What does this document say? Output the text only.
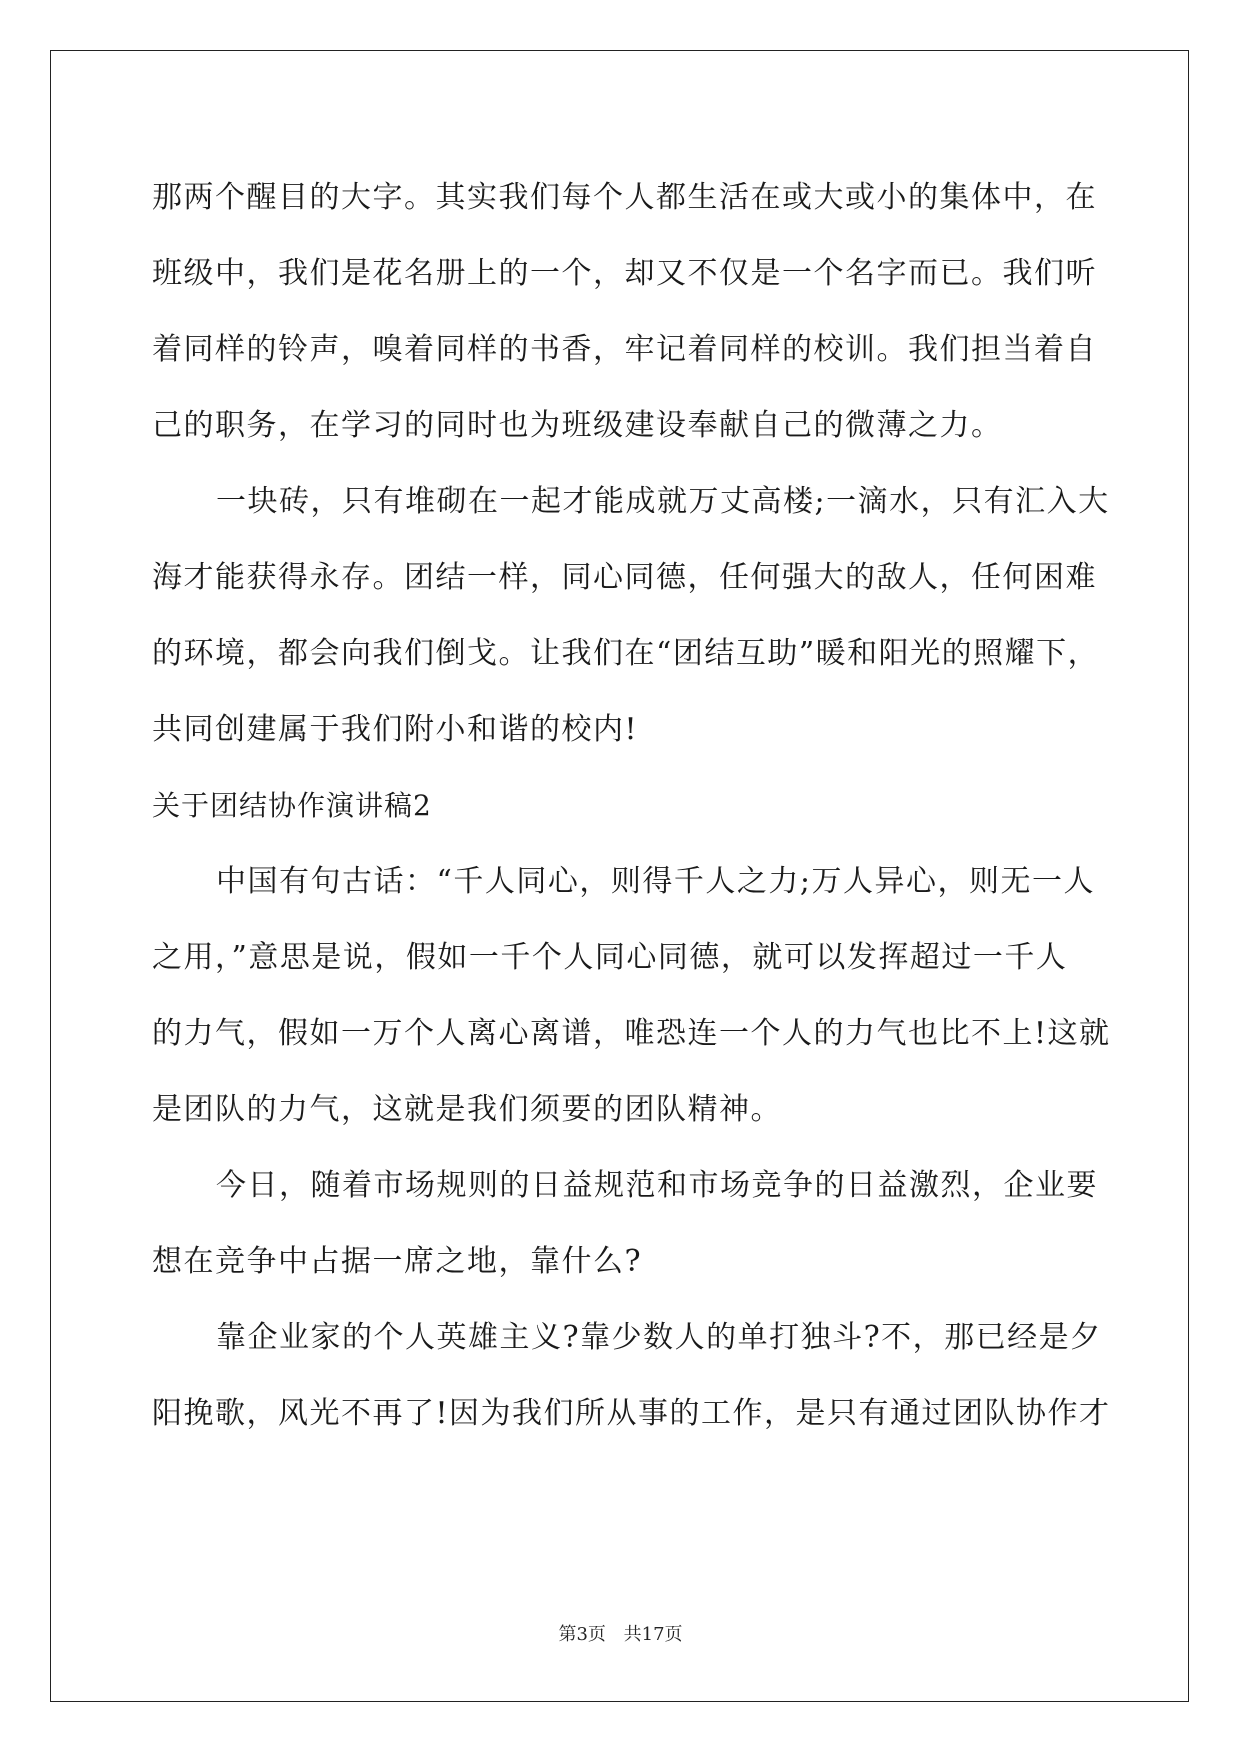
那两个醒目的大字。其实我们每个人都生活在或大或小的集体中，在
班级中，我们是花名册上的一个，却又不仅是一个名字而已。我们听
着同样的铃声，嗅着同样的书香，牢记着同样的校训。我们担当着自
己的职务，在学习的同时也为班级建设奉献自己的微薄之力。
一块砖，只有堆砌在一起才能成就万丈高楼;一滴水，只有汇入大
海才能获得永存。团结一样，同心同德，任何强大的敌人，任何困难
的环境，都会向我们倒戈。让我们在“团结互助”暖和阳光的照耀下，
共同创建属于我们附小和谐的校内!
关于团结协作演讲稿2
中国有句古话：“千人同心，则得千人之力;万人异心，则无一人
之用，”意思是说，假如一千个人同心同德，就可以发挥超过一千人
的力气，假如一万个人离心离谱，唯恐连一个人的力气也比不上!这就
是团队的力气，这就是我们须要的团队精神。
今日，随着市场规则的日益规范和市场竞争的日益激烈，企业要
想在竞争中占据一席之地，靠什么?
靠企业家的个人英雄主义?靠少数人的单打独斗?不，那已经是夕
阳挽歌，风光不再了!因为我们所从事的工作，是只有通过团队协作才
第3页 共17页
